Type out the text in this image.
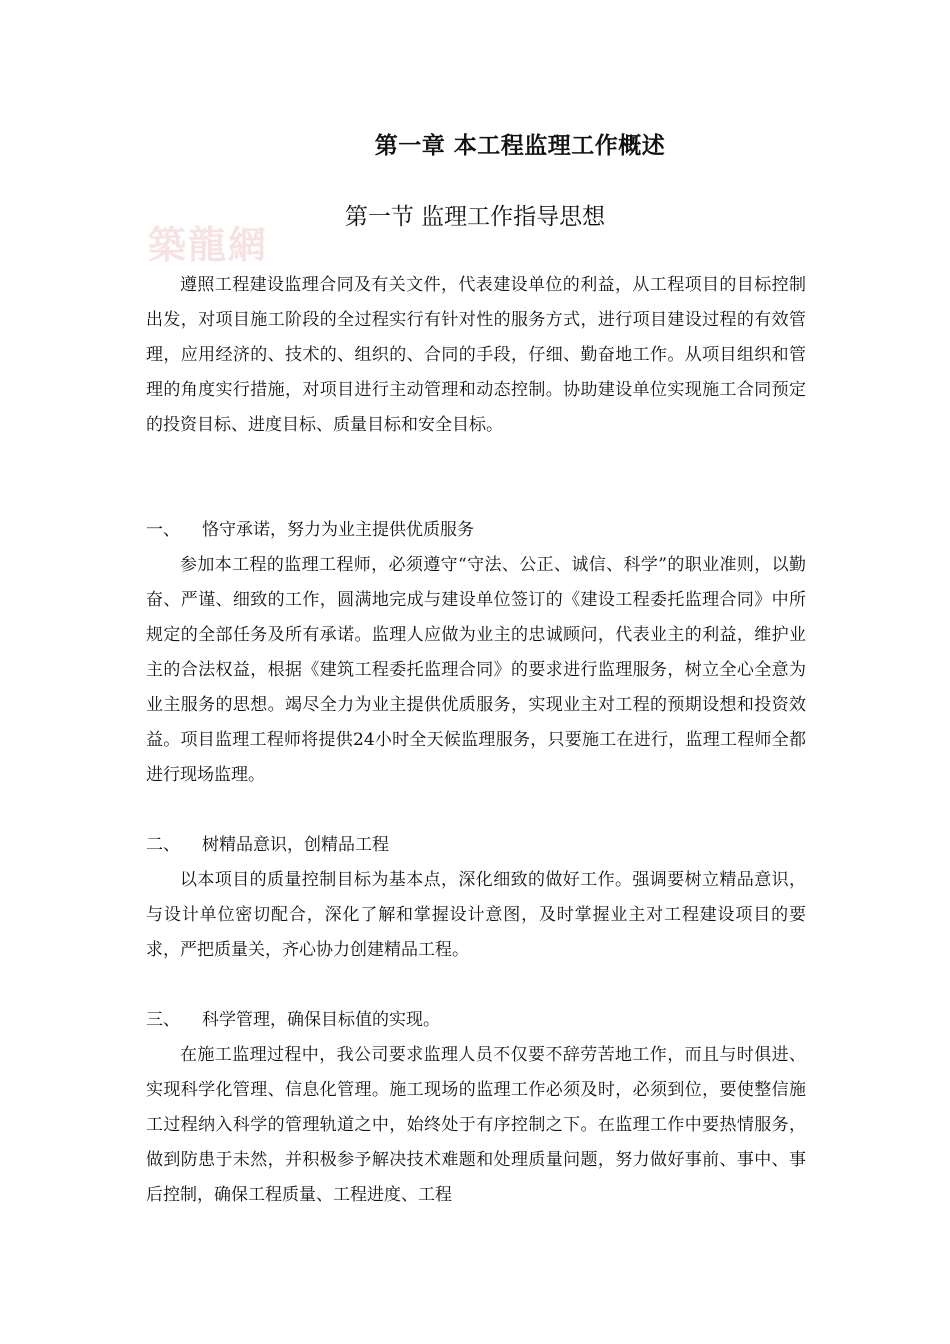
築龍網
第一章 本工程监理工作概述
第一节 监理工作指导思想

遵照工程建设监理合同及有关文件，代表建设单位的利益，从工程项目的目标控制出发，对项目施工阶段的全过程实行有针对性的服务方式，进行项目建设过程的有效管理，应用经济的、技术的、组织的、合同的手段，仔细、勤奋地工作。从项目组织和管理的角度实行措施，对项目进行主动管理和动态控制。协助建设单位实现施工合同预定的投资目标、进度目标、质量目标和安全目标。

一、 恪守承诺，努力为业主提供优质服务

参加本工程的监理工程师，必须遵守“守法、公正、诚信、科学”的职业准则，以勤奋、严谨、细致的工作，圆满地完成与建设单位签订的《建设工程委托监理合同》中所规定的全部任务及所有承诺。监理人应做为业主的忠诚顾问，代表业主的利益，维护业主的合法权益，根据《建筑工程委托监理合同》的要求进行监理服务，树立全心全意为业主服务的思想。竭尽全力为业主提供优质服务，实现业主对工程的预期设想和投资效益。项目监理工程师将提供24小时全天候监理服务，只要施工在进行，监理工程师全都进行现场监理。

二、 树精品意识，创精品工程

以本项目的质量控制目标为基本点，深化细致的做好工作。强调要树立精品意识，与设计单位密切配合，深化了解和掌握设计意图，及时掌握业主对工程建设项目的要求，严把质量关，齐心协力创建精品工程。

三、 科学管理，确保目标值的实现。

在施工监理过程中，我公司要求监理人员不仅要不辞劳苦地工作，而且与时俱进、实现科学化管理、信息化管理。施工现场的监理工作必须及时，必须到位，要使整信施工过程纳入科学的管理轨道之中，始终处于有序控制之下。在监理工作中要热情服务，做到防患于未然，并积极参予解决技术难题和处理质量问题，努力做好事前、事中、事后控制，确保工程质量、工程进度、工程
